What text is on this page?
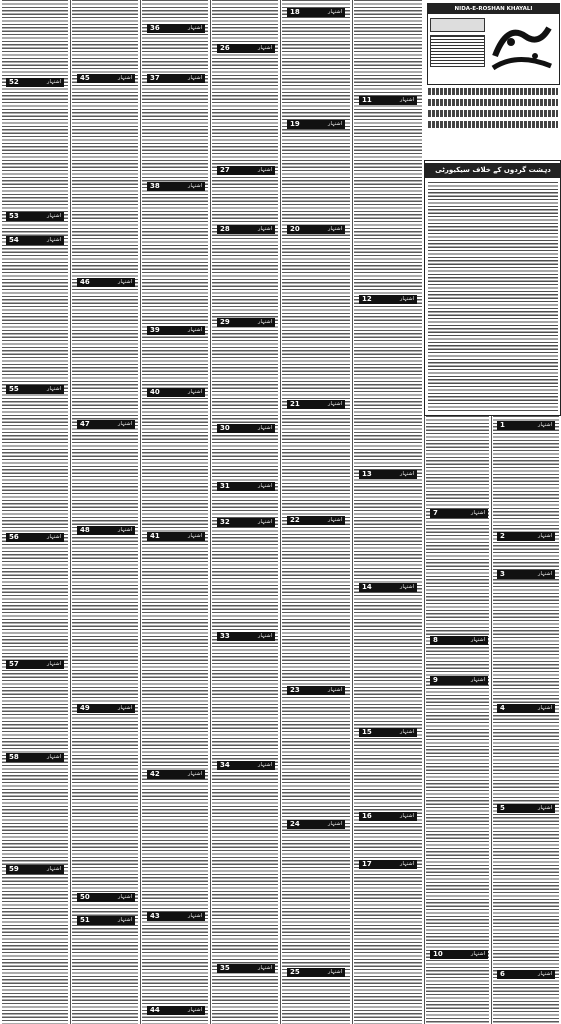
NIDA-E-ROSHAN KHAYALI
دہشت گردوں کے خلاف سیکیورٹی
1	اشتہار
2	اشتہار
3	اشتہار
4	اشتہار
5	اشتہار
6	اشتہار
7	اشتہار
8	اشتہار
9	اشتہار
10	اشتہار
11	اشتہار
12	اشتہار
13	اشتہار
14	اشتہار
15	اشتہار
16	اشتہار
17	اشتہار
18	اشتہار
19	اشتہار
20	اشتہار
21	اشتہار
22	اشتہار
23	اشتہار
24	اشتہار
25	اشتہار
26	اشتہار
27	اشتہار
28	اشتہار
29	اشتہار
30	اشتہار
31	اشتہار
32	اشتہار
33	اشتہار
34	اشتہار
35	اشتہار
36	اشتہار
37	اشتہار
38	اشتہار
39	اشتہار
40	اشتہار
41	اشتہار
42	اشتہار
43	اشتہار
44	اشتہار
45	اشتہار
46	اشتہار
47	اشتہار
48	اشتہار
49	اشتہار
50	اشتہار
51	اشتہار
52	اشتہار
53	اشتہار
54	اشتہار
55	اشتہار
56	اشتہار
57	اشتہار
58	اشتہار
59	اشتہار
